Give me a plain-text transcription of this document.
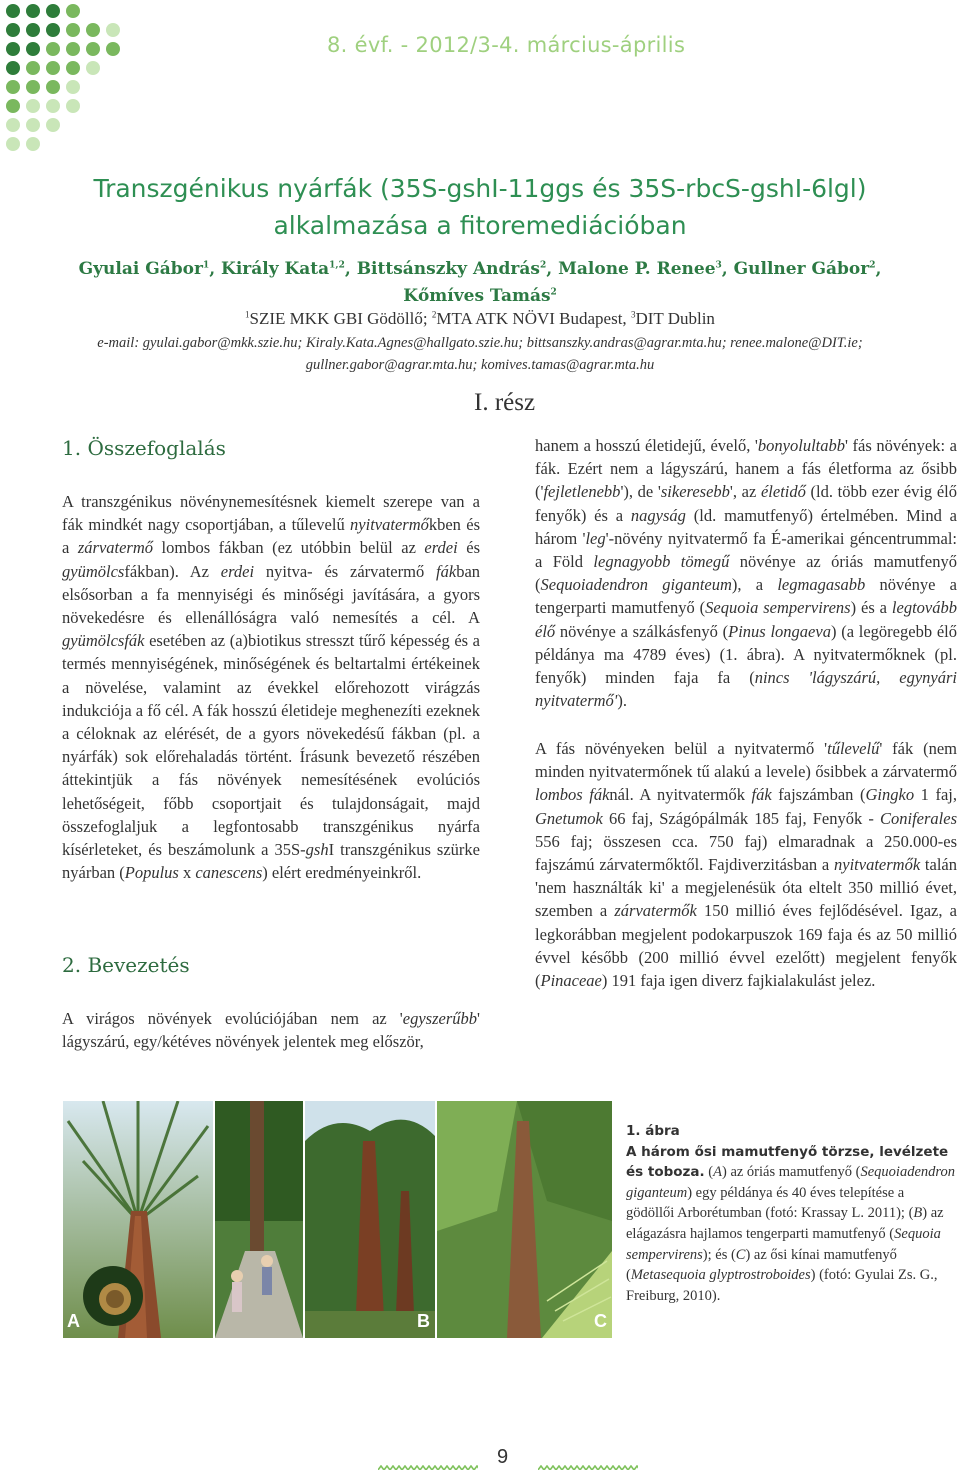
8. évf. - 2012/3-4. március-április
Transzgénikus nyárfák (35S-gshI-11ggs és 35S-rbcS-gshI-6lgl)
alkalmazása a fitoremediációban
Gyulai Gábor$^1$, Király Kata$^{1,2}$, Bittsánszky András$^2$, Malone P. Renee$^3$, Gullner Gábor$^2$,
Kőmíves Tamás$^2$
$^1$SZIE MKK GBI Gödöllő; $^2$MTA ATK NÖVI Budapest, $^3$DIT Dublin
e-mail: gyulai.gabor@mkk.szie.hu; Kiraly.Kata.Agnes@hallgato.szie.hu; bittsanszky.andras@agrar.mta.hu; renee.malone@DIT.ie;
gullner.gabor@agrar.mta.hu; komives.tamas@agrar.mta.hu
I. rész
1. Összefoglalás

A transzgénikus növénynemesítésnek kiemelt szerepe van a fák mindkét nagy csoportjában, a tűlevelű nyitvatermőkben és a zárvatermő lombos fákban (ez utóbbin belül az erdei és gyümölcsfákban). Az erdei nyitva- és zárvatermő fákban elsősorban a fa mennyiségi és minőségi javítására, a gyors növekedésre és ellenállóságra való nemesítés a cél. A gyümölcsfák esetében az (a)biotikus stresszt tűrő képesség és a termés mennyiségének, minőségének és beltartalmi értékeinek a növelése, valamint az évekkel előrehozott virágzás indukciója a fő cél. A fák hosszú életideje meghenezíti ezeknek a céloknak az elérését, de a gyors növekedésű fákban (pl. a nyárfák) sok előrehaladás történt. Írásunk bevezető részében áttekintjük a fás növények nemesítésének evolúciós lehetőségeit, főbb csoportjait és tulajdonságait, majd összefoglaljuk a legfontosabb transzgénikus nyárfa kísérleteket, és beszámolunk a 35S-gshI transzgénikus szürke nyárban (Populus x canescens) elért eredményeinkről.

2. Bevezetés

A virágos növények evolúciójában nem az 'egyszerűbb' lágyszárú, egy/kétéves növények jelentek meg először,

hanem a hosszú életidejű, évelő, 'bonyolultabb' fás növények: a fák. Ezért nem a lágyszárú, hanem a fás életforma az ősibb ('fejletlenebb'), de 'sikeresebb', az életidő (ld. több ezer évig élő fenyők) és a nagyság (ld. mamutfenyő) értelmében. Mind a három 'leg'-növény nyitvatermő fa É-amerikai géncentrummal: a Föld legnagyobb tömegű növénye az óriás mamutfenyő (Sequoiadendron giganteum), a legmagasabb növénye a tengerparti mamutfenyő (Sequoia sempervirens) és a legtovább élő növénye a szálkásfenyő (Pinus longaeva) (a legöregebb élő példánya ma 4789 éves) (1. ábra). A nyitvatermőknek (pl. fenyők) minden faja fa (nincs 'lágyszárú, egynyári nyitvatermő').

A fás növényeken belül a nyitvatermő 'tűlevelű' fák (nem minden nyitvatermőnek tű alakú a levele) ősibbek a zárvatermő lombos fáknál. A nyitvatermők fák fajszámban (Gingko 1 faj, Gnetumok 66 faj, Szágópálmák 185 faj, Fenyők - Coniferales 556 faj; összesen cca. 750 faj) elmaradnak a 250.000-es fajszámú zárvatermőktől. Fajdiverzitásban a nyitvatermők talán 'nem használták ki' a megjelenésük óta eltelt 350 millió évet, szemben a zárvatermők 150 millió éves fejlődésével. Igaz, a legkorábban megjelent podokarpuszok 169 faja és az 50 millió évvel később (200 millió évvel ezelőtt) megjelent fenyők (Pinaceae) 191 faja igen diverz fajkialakulást jelez.

A	B	C
1. ábra
A három ősi mamutfenyő törzse, levélzete és toboza. (A) az óriás mamutfenyő (Sequoiadendron giganteum) egy példánya és 40 éves telepítése a gödöllői Arborétumban (fotó: Krassay L. 2011); (B) az elágazásra hajlamos tengerparti mamutfenyő (Sequoia sempervirens); és (C) az ősi kínai mamutfenyő (Metasequoia glyptrostroboides) (fotó: Gyulai Zs. G., Freiburg, 2010).
9
